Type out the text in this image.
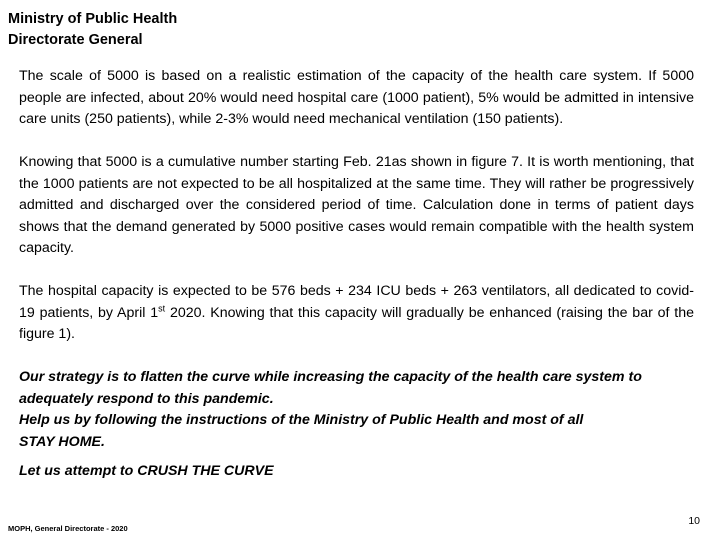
Ministry of Public Health
Directorate General

The scale of 5000 is based on a realistic estimation of the capacity of the health care system. If 5000 people are infected, about 20% would need hospital care (1000 patient), 5% would be admitted in intensive care units (250 patients), while 2-3% would need mechanical ventilation (150 patients).

Knowing that 5000 is a cumulative number starting Feb. 21as shown in figure 7. It is worth mentioning, that the 1000 patients are not expected to be all hospitalized at the same time. They will rather be progressively admitted and discharged over the considered period of time. Calculation done in terms of patient days shows that the demand generated by 5000 positive cases would remain compatible with the health system capacity.

The hospital capacity is expected to be 576 beds + 234 ICU beds + 263 ventilators, all dedicated to covid-19 patients, by April 1st 2020. Knowing that this capacity will gradually be enhanced (raising the bar of the figure 1).

Our strategy is to flatten the curve while increasing the capacity of the health care system to adequately respond to this pandemic.
Help us by following the instructions of the Ministry of Public Health and most of all
STAY HOME.

Let us attempt to CRUSH THE CURVE

MOPH, General Directorate - 2020
10
